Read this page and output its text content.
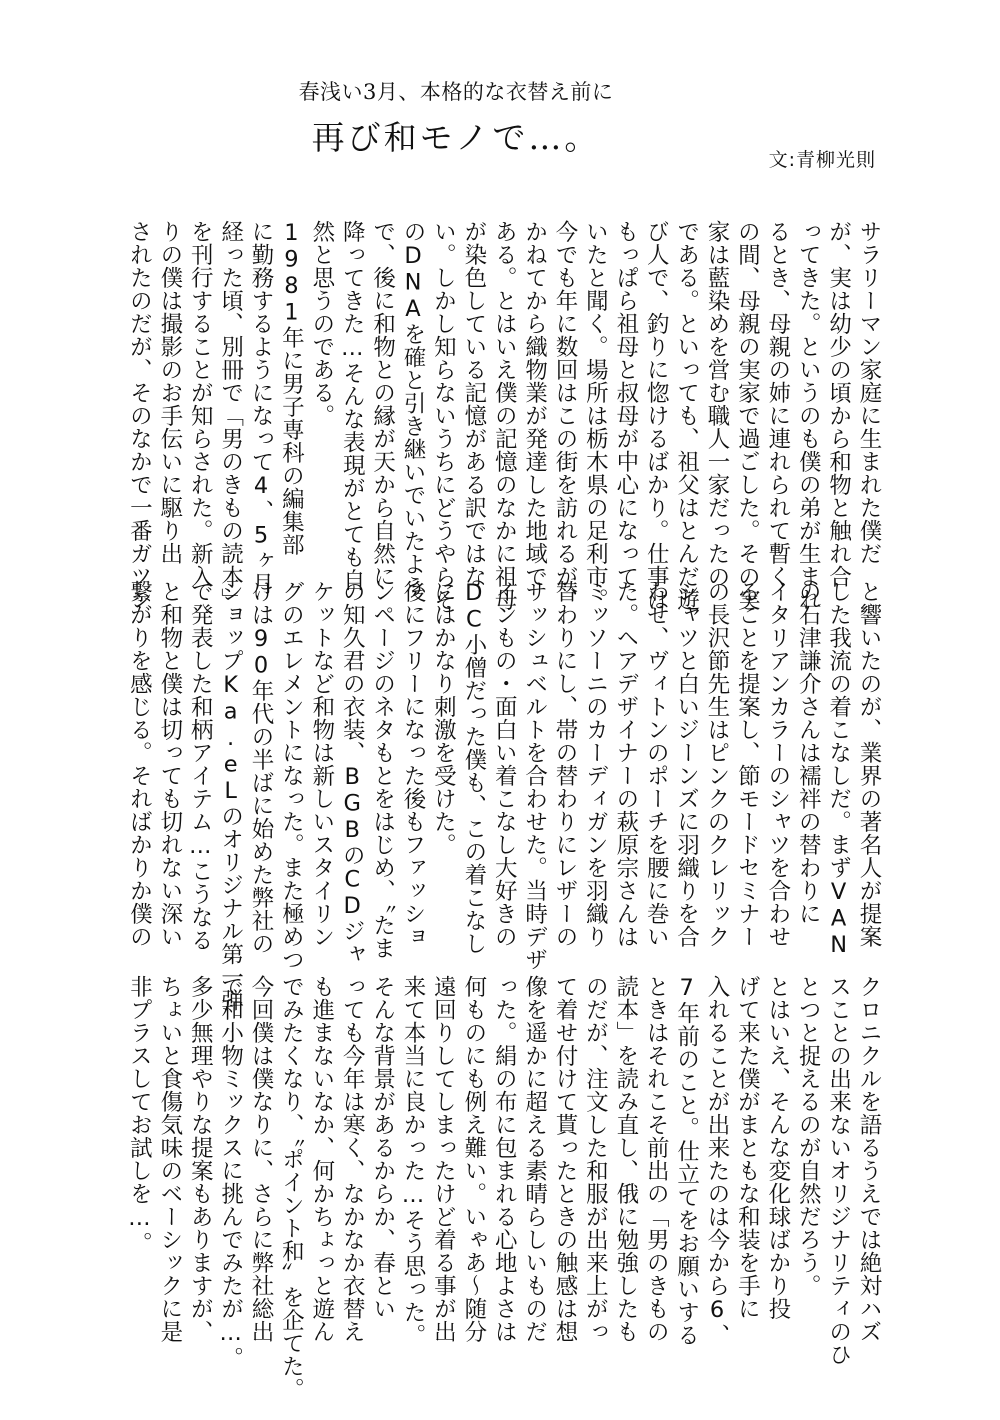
春浅い3月、本格的な衣替え前に
再び和モノで…。
文:青柳光則
サラリーマン家庭に生まれた僕だ
が、実は幼少の頃から和物と触れ合
ってきた。というのも僕の弟が生まれ
るとき、母親の姉に連れられて暫く
の間、母親の実家で過ごした。その実
家は藍染めを営む職人一家だったの
である。といっても、祖父はとんだ遊
び人で、釣りに惚けるばかり。仕事は
もっぱら祖母と叔母が中心になって
いたと聞く。場所は栃木県の足利市。
今でも年に数回はこの街を訪れるが、
かねてから織物業が発達した地域で
ある。とはいえ僕の記憶のなかに祖母
が染色している記憶がある訳ではな
い。しかし知らないうちにどうやらそ
のDNAを確と引き継いでいたよう
で、後に和物との縁が天から自然に
降ってきた…そんな表現がとても自
然と思うのである。
1981年に男子専科の編集部
に勤務するようになって4、5ヶ月
経った頃、別冊で「男のきもの読本」
を刊行することが知らされた。新入
りの僕は撮影のお手伝いに駆り出
されたのだが、そのなかで一番ガツン
と響いたのが、業界の著名人が提案
した我流の着こなしだ。まずVAN
の石津謙介さんは襦袢の替わりに
イタリアンカラーのシャツを合わせ
ることを提案し、節モードセミナー
の長沢節先生はピンクのクレリック
シャツと白いジーンズに羽織りを合
わせ、ヴィトンのポーチを腰に巻い
た。ヘアデザイナーの萩原宗さんは
ミッソーニのカーディガンを羽織り
替わりにし、帯の替わりにレザーの
サッシュベルトを合わせた。当時デザ
インもの・面白い着こなし大好きの
DC小僧だった僕も、この着こなし
にはかなり刺激を受けた。
後にフリーになった後もファッショ
ンページのネタもとをはじめ、〝たま
の知久君の衣装、BGBのCDジャ
ケットなど和物は新しいスタイリン
グのエレメントになった。また極めつ
けは90年代の半ばに始めた弊社の
ショップKa.eLのオリジナル第一弾
で発表した和柄アイテム…こうなる
と和物と僕は切っても切れない深い
繋がりを感じる。そればかりか僕の
クロニクルを語るうえでは絶対ハズ
スことの出来ないオリジナリティのひ
とつと捉えるのが自然だろう。
とはいえ、そんな変化球ばかり投
げて来た僕がまともな和装を手に
入れることが出来たのは今から6、
7年前のこと。仕立てをお願いする
ときはそれこそ前出の「男のきもの
読本」を読み直し、俄に勉強したも
のだが、注文した和服が出来上がっ
て着せ付けて貰ったときの触感は想
像を遥かに超える素晴らしいものだ
った。絹の布に包まれる心地よさは
何ものにも例え難い。いゃあ〜随分
遠回りしてしまったけど着る事が出
来て本当に良かった…そう思った。
そんな背景があるからか、春とい
っても今年は寒く、なかなか衣替え
も進まないなか、何かちょっと遊ん
でみたくなり、〝ポイント和〟を企てた。
今回僕は僕なりに、さらに弊社総出
で和小物ミックスに挑んでみたが…。
多少無理やりな提案もありますが、
ちょいと食傷気味のベーシックに是
非プラスしてお試しを…。
